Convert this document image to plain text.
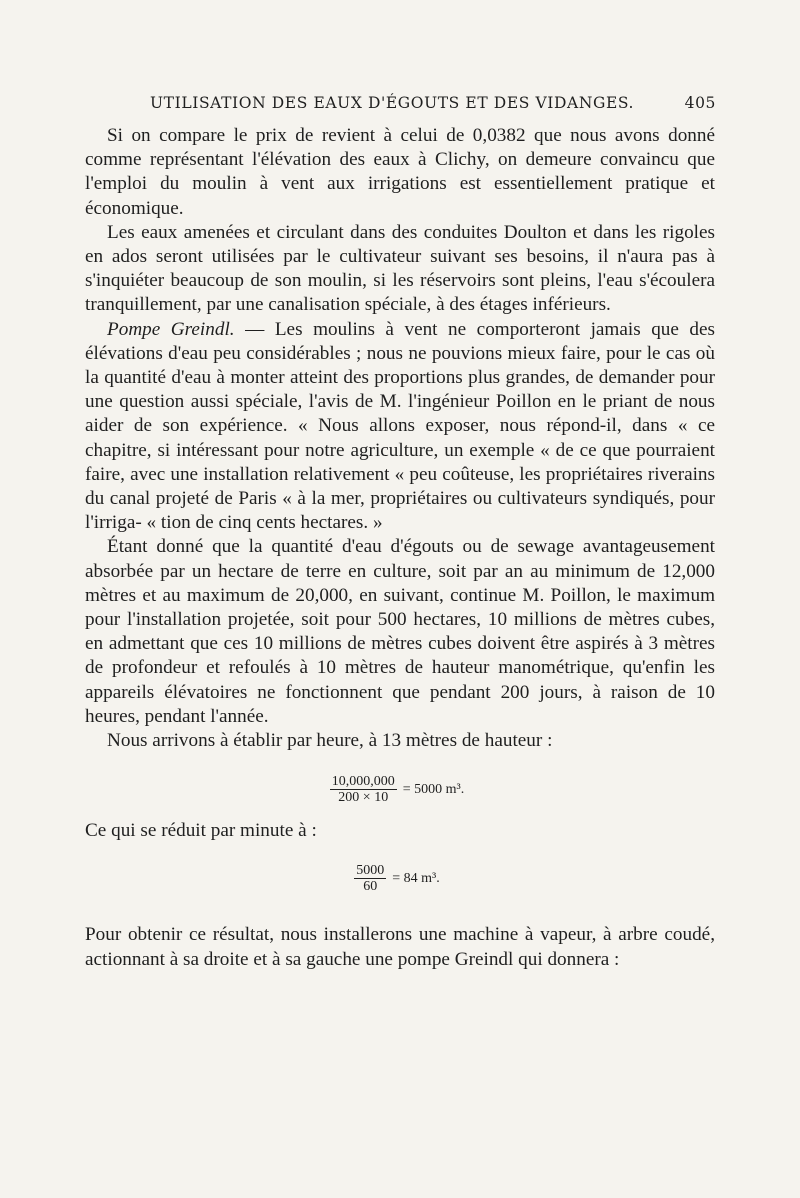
UTILISATION DES EAUX D'ÉGOUTS ET DES VIDANGES.	405

Si on compare le prix de revient à celui de 0,0382 que nous avons donné comme représentant l'élévation des eaux à Clichy, on demeure convaincu que l'emploi du moulin à vent aux irrigations est essentiellement pratique et économique.

Les eaux amenées et circulant dans des conduites Doulton et dans les rigoles en ados seront utilisées par le cultivateur suivant ses besoins, il n'aura pas à s'inquiéter beaucoup de son moulin, si les réservoirs sont pleins, l'eau s'écoulera tranquillement, par une canalisation spéciale, à des étages inférieurs.

Pompe Greindl. — Les moulins à vent ne comporteront jamais que des élévations d'eau peu considérables ; nous ne pouvions mieux faire, pour le cas où la quantité d'eau à monter atteint des proportions plus grandes, de demander pour une question aussi spéciale, l'avis de M. l'ingénieur Poillon en le priant de nous aider de son expérience. « Nous allons exposer, nous répond-il, dans « ce chapitre, si intéressant pour notre agriculture, un exemple « de ce que pourraient faire, avec une installation relativement « peu coûteuse, les propriétaires riverains du canal projeté de Paris « à la mer, propriétaires ou cultivateurs syndiqués, pour l'irriga- « tion de cinq cents hectares. »

Étant donné que la quantité d'eau d'égouts ou de sewage avantageusement absorbée par un hectare de terre en culture, soit par an au minimum de 12,000 mètres et au maximum de 20,000, en suivant, continue M. Poillon, le maximum pour l'installation projetée, soit pour 500 hectares, 10 millions de mètres cubes, en admettant que ces 10 millions de mètres cubes doivent être aspirés à 3 mètres de profondeur et refoulés à 10 mètres de hauteur manométrique, qu'enfin les appareils élévatoires ne fonctionnent que pendant 200 jours, à raison de 10 heures, pendant l'année.

Nous arrivons à établir par heure, à 13 mètres de hauteur :

$\frac{10,000,000}{200 \times 10} = 5000$ m³.

Ce qui se réduit par minute à :

$\frac{5000}{60} = 84$ m³.

Pour obtenir ce résultat, nous installerons une machine à vapeur, à arbre coudé, actionnant à sa droite et à sa gauche une pompe Greindl qui donnera :
